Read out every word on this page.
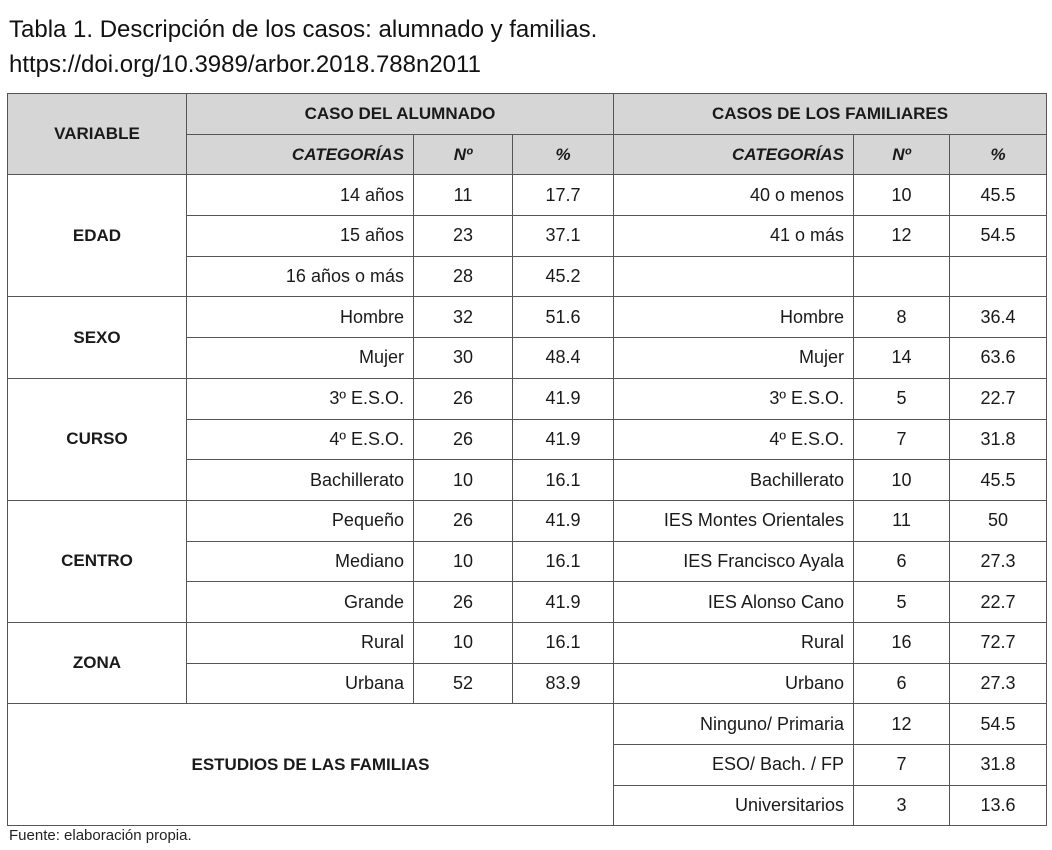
Tabla 1. Descripción de los casos: alumnado y familias.
https://doi.org/10.3989/arbor.2018.788n2011
VARIABLE	CASO DEL ALUMNADO			CASOS DE LOS FAMILIARES		
	CATEGORÍAS	Nº	%	CATEGORÍAS	Nº	%
EDAD	14 años	11	17.7	40 o menos	10	45.5
	15 años	23	37.1	41 o más	12	54.5
	16 años o más	28	45.2			
SEXO	Hombre	32	51.6	Hombre	8	36.4
	Mujer	30	48.4	Mujer	14	63.6
CURSO	3º E.S.O.	26	41.9	3º E.S.O.	5	22.7
	4º E.S.O.	26	41.9	4º E.S.O.	7	31.8
	Bachillerato	10	16.1	Bachillerato	10	45.5
CENTRO	Pequeño	26	41.9	IES Montes Orientales	11	50
	Mediano	10	16.1	IES Francisco Ayala	6	27.3
	Grande	26	41.9	IES Alonso Cano	5	22.7
ZONA	Rural	10	16.1	Rural	16	72.7
	Urbana	52	83.9	Urbano	6	27.3
ESTUDIOS DE LAS FAMILIAS				Ninguno/ Primaria	12	54.5
				ESO/ Bach. / FP	7	31.8
				Universitarios	3	13.6
Fuente: elaboración propia.
